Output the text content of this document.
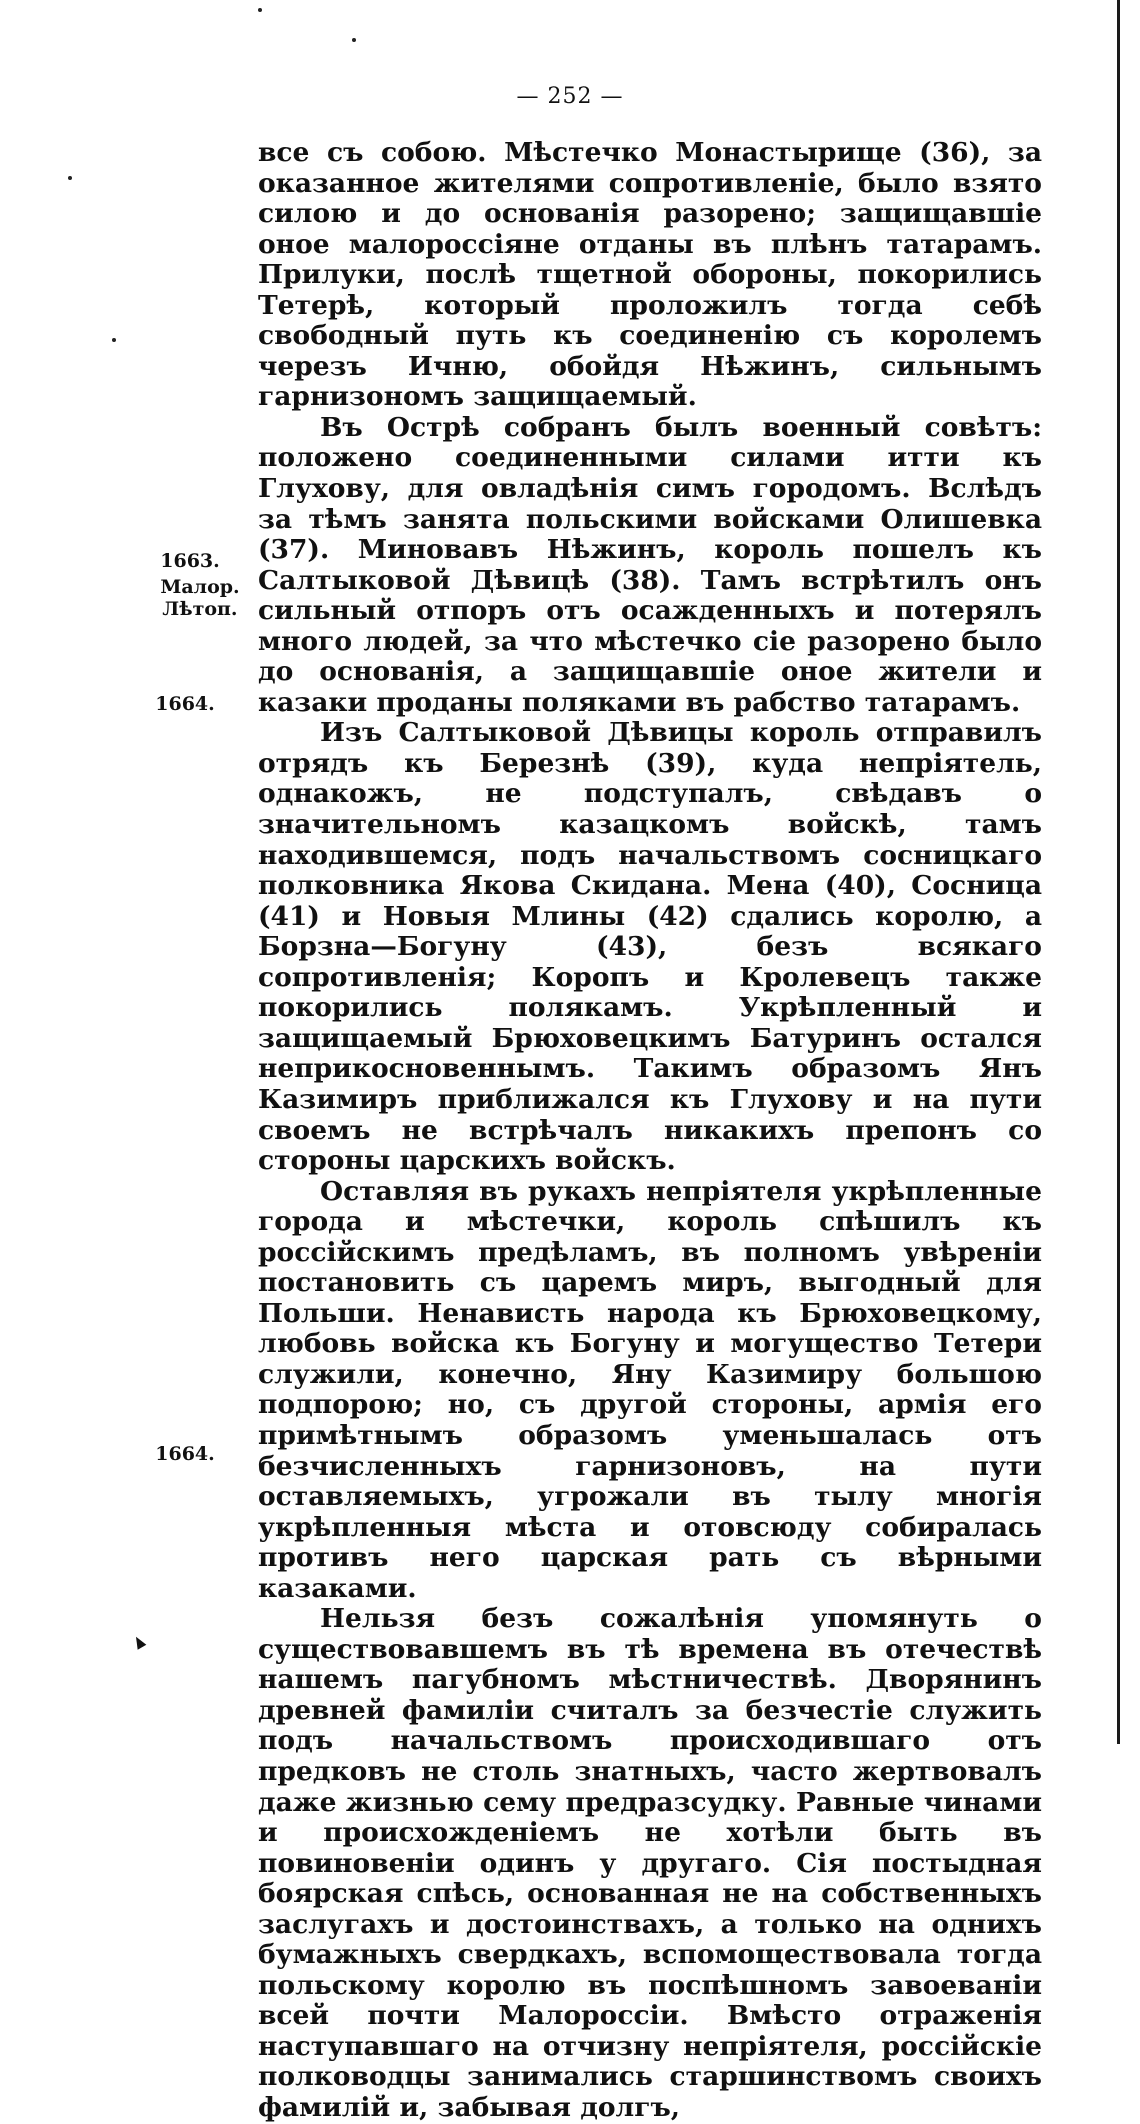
— 252 —
1663.
Малор.
Лѣтоп.
1664.
1664.

все съ собою. Мѣстечко Монастырище (36), за оказанное жителями сопротивленіе, было взято силою и до основанія разорено; защищавшіе оное малороссіяне отданы въ плѣнъ татарамъ. Прилуки, послѣ тщетной обороны, покорились Тетерѣ, который проложилъ тогда себѣ свободный путь къ соединенію съ королемъ черезъ Ичню, обойдя Нѣжинъ, сильнымъ гарнизономъ защищаемый.

Въ Острѣ собранъ былъ военный совѣтъ: положено соединенными силами итти къ Глухову, для овладѣнія симъ городомъ. Вслѣдъ за тѣмъ занята польскими войсками Олишевка (37). Миновавъ Нѣжинъ, король пошелъ къ Салтыковой Дѣвицѣ (38). Тамъ встрѣтилъ онъ сильный отпоръ отъ осажденныхъ и потерялъ много людей, за что мѣстечко сіе разорено было до основанія, а защищавшіе оное жители и казаки проданы поляками въ рабство татарамъ.

Изъ Салтыковой Дѣвицы король отправилъ отрядъ къ Березнѣ (39), куда непріятель, однакожъ, не подступалъ, свѣдавъ о значительномъ казацкомъ войскѣ, тамъ находившемся, подъ начальствомъ сосницкаго полковника Якова Скидана. Мена (40), Сосница (41) и Новыя Млины (42) сдались королю, а Борзна—Богуну (43), безъ всякаго сопротивленія; Коропъ и Кролевецъ также покорились полякамъ. Укрѣпленный и защищаемый Брюховецкимъ Батуринъ остался неприкосновеннымъ. Такимъ образомъ Янъ Казимиръ приближался къ Глухову и на пути своемъ не встрѣчалъ никакихъ препонъ со стороны царскихъ войскъ.

Оставляя въ рукахъ непріятеля укрѣпленные города и мѣстечки, король спѣшилъ къ россійскимъ предѣламъ, въ полномъ увѣреніи постановить съ царемъ миръ, выгодный для Польши. Ненависть народа къ Брюховецкому, любовь войска къ Богуну и могущество Тетери служили, конечно, Яну Казимиру большою подпорою; но, съ другой стороны, армія его примѣтнымъ образомъ уменьшалась отъ безчисленныхъ гарнизоновъ, на пути оставляемыхъ, угрожали въ тылу многія укрѣпленныя мѣста и отовсюду собиралась противъ него царская рать съ вѣрными казаками.

Нельзя безъ сожалѣнія упомянуть о существовавшемъ въ тѣ времена въ отечествѣ нашемъ пагубномъ мѣстничествѣ. Дворянинъ древней фамиліи считалъ за безчестіе служить подъ начальствомъ происходившаго отъ предковъ не столь знатныхъ, часто жертвовалъ даже жизнью сему предразсудку. Равные чинами и происхожденіемъ не хотѣли быть въ повиновеніи одинъ у другаго. Сія постыдная боярская спѣсь, основанная не на собственныхъ заслугахъ и достоинствахъ, а только на однихъ бумажныхъ свердкахъ, вспомоществовала тогда польскому королю въ поспѣшномъ завоеваніи всей почти Малороссіи. Вмѣсто отраженія наступавшаго на отчизну непріятеля, россійскіе полководцы занимались старшинствомъ своихъ фамилій и, забывая долгъ,
